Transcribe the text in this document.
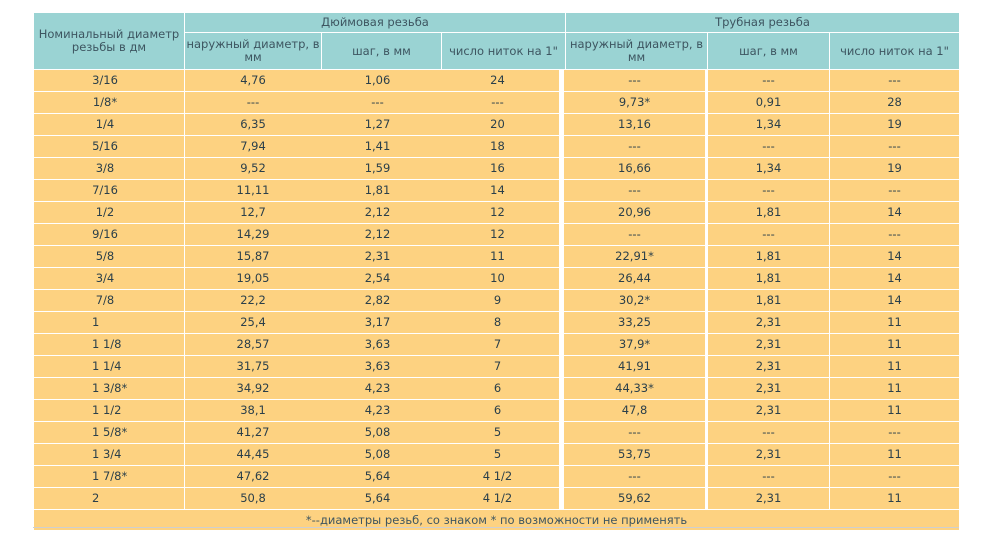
Номинальный диаметр резьбы в дм	Дюймовая резьба	Трубная резьба
наружный диаметр, в мм	шаг, в мм	число ниток на 1"	наружный диаметр, в мм	шаг, в мм	число ниток на 1"
3/16	4,76	1,06	24	---	---	---
1/8*	---	---	---	9,73*	0,91	28
1/4	6,35	1,27	20	13,16	1,34	19
5/16	7,94	1,41	18	---	---	---
3/8	9,52	1,59	16	16,66	1,34	19
7/16	11,11	1,81	14	---	---	---
1/2	12,7	2,12	12	20,96	1,81	14
9/16	14,29	2,12	12	---	---	---
5/8	15,87	2,31	11	22,91*	1,81	14
3/4	19,05	2,54	10	26,44	1,81	14
7/8	22,2	2,82	9	30,2*	1,81	14
1	25,4	3,17	8	33,25	2,31	11
1 1/8	28,57	3,63	7	37,9*	2,31	11
1 1/4	31,75	3,63	7	41,91	2,31	11
1 3/8*	34,92	4,23	6	44,33*	2,31	11
1 1/2	38,1	4,23	6	47,8	2,31	11
1 5/8*	41,27	5,08	5	---	---	---
1 3/4	44,45	5,08	5	53,75	2,31	11
1 7/8*	47,62	5,64	4 1/2	---	---	---
2	50,8	5,64	4 1/2	59,62	2,31	11
*--диаметры резьб, со знаком * по возможности не применять
